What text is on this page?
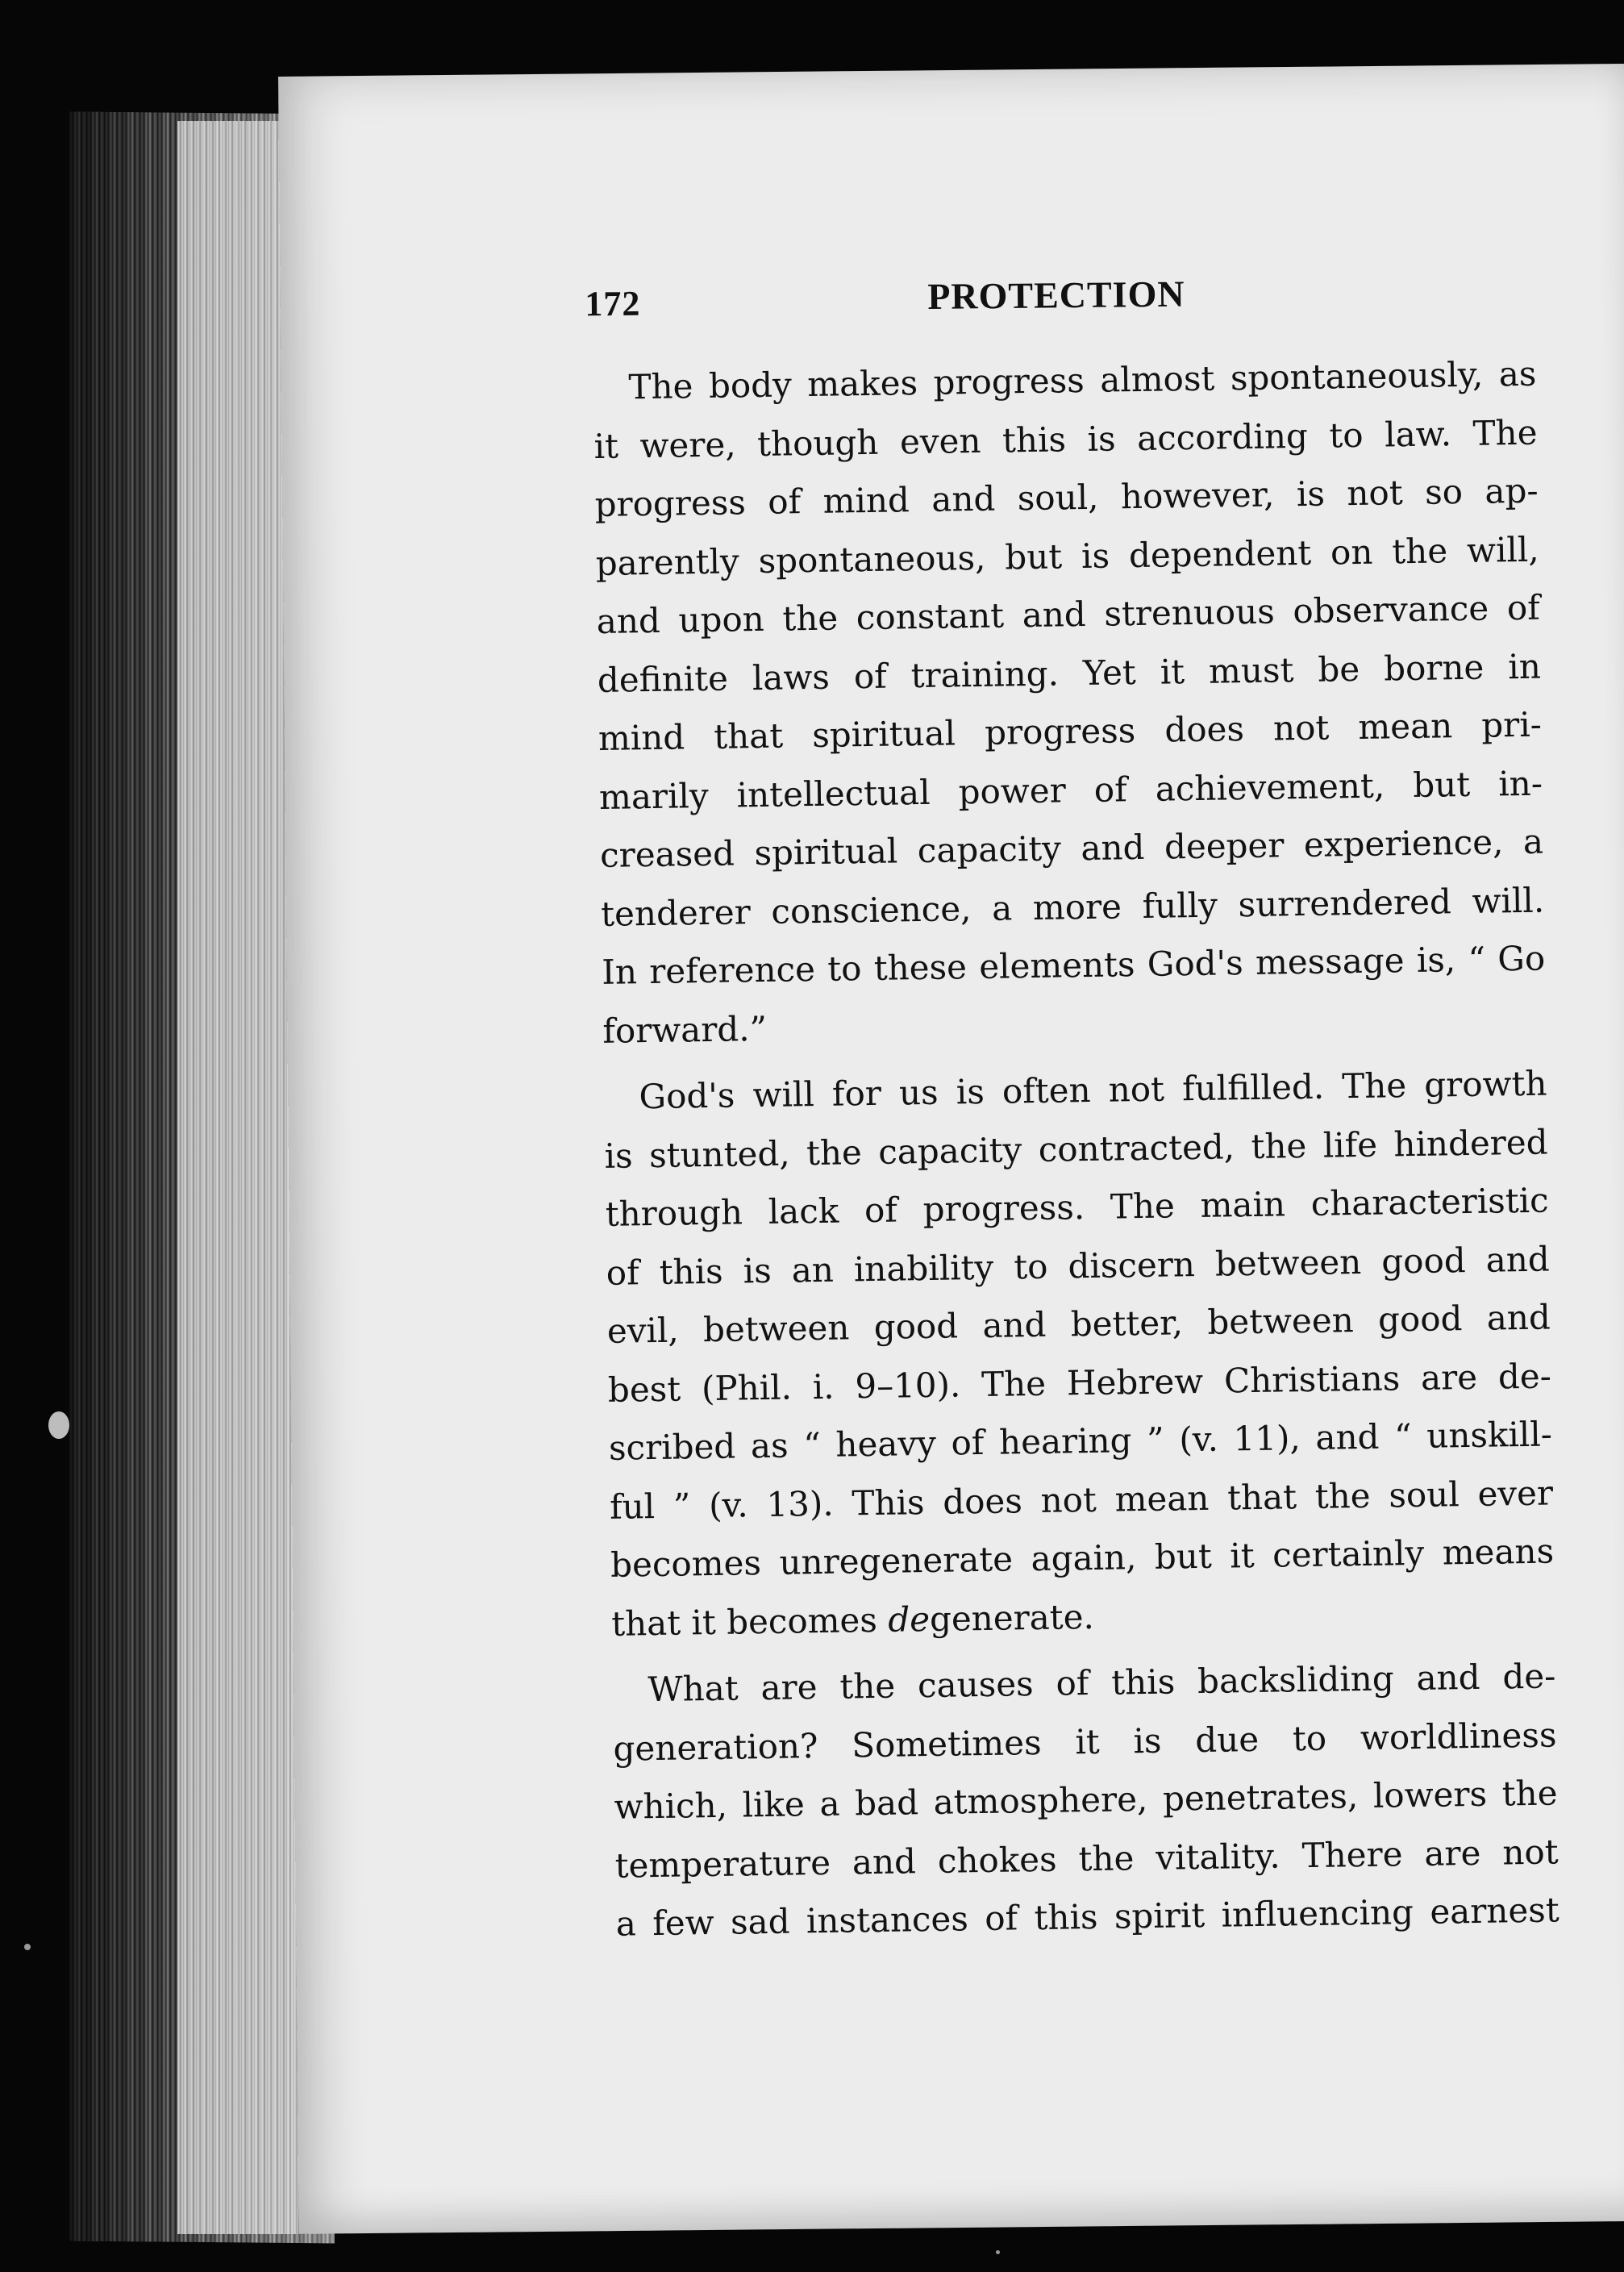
172	PROTECTION
The body makes progress almost spontaneously, as
it were, though even this is according to law. The
progress of mind and soul, however, is not so ap-
parently spontaneous, but is dependent on the will,
and upon the constant and strenuous observance of
definite laws of training. Yet it must be borne in
mind that spiritual progress does not mean pri-
marily intellectual power of achievement, but in-
creased spiritual capacity and deeper experience, a
tenderer conscience, a more fully surrendered will.
In reference to these elements God's message is, “ Go
forward.”
God's will for us is often not fulfilled. The growth
is stunted, the capacity contracted, the life hindered
through lack of progress. The main characteristic
of this is an inability to discern between good and
evil, between good and better, between good and
best (Phil. i. 9–10). The Hebrew Christians are de-
scribed as “ heavy of hearing ” (v. 11), and “ unskill-
ful ” (v. 13). This does not mean that the soul ever
becomes unregenerate again, but it certainly means
that it becomes degenerate.
What are the causes of this backsliding and de-
generation? Sometimes it is due to worldliness
which, like a bad atmosphere, penetrates, lowers the
temperature and chokes the vitality. There are not
a few sad instances of this spirit influencing earnest
